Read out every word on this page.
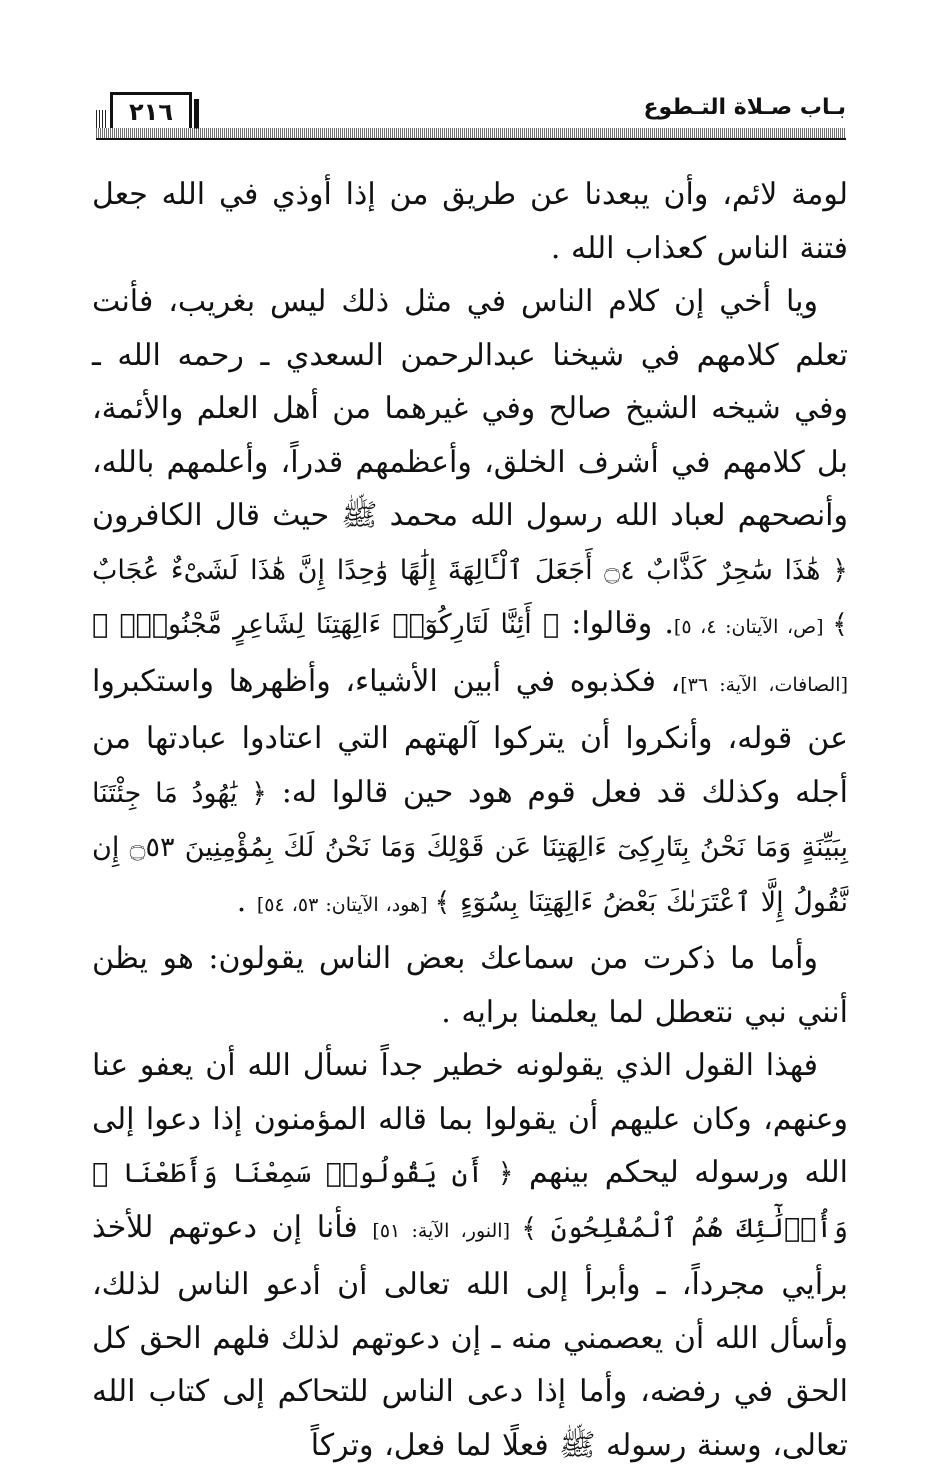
بـاب صـلاة التـطوع
٢١٦

لومة لائم، وأن يبعدنا عن طريق من إذا أوذي في الله جعل فتنة الناس كعذاب الله .

ويا أخي إن كلام الناس في مثل ذلك ليس بغريب، فأنت تعلم كلامهم في شيخنا عبدالرحمن السعدي ـ رحمه الله ـ وفي شيخه الشيخ صالح وفي غيرهما من أهل العلم والأئمة، بل كلامهم في أشرف الخلق، وأعظمهم قدراً، وأعلمهم بالله، وأنصحهم لعباد الله رسول الله محمد ﷺ حيث قال الكافرون ﴿ هَٰذَا سَٰحِرٌ كَذَّابٌ ۝٤ أَجَعَلَ ٱلْـَٔالِهَةَ إِلَٰهًا وَٰحِدًا إِنَّ هَٰذَا لَشَىْءٌ عُجَابٌ ﴾ [ص، الآيتان: ٤، ٥]. وقالوا: ﴿ أَئِنَّا لَتَارِكُوٓا۟ ءَالِهَتِنَا لِشَاعِرٍ مَّجْنُونٍۭ ﴾ [الصافات، الآية: ٣٦]، فكذبوه في أبين الأشياء، وأظهرها واستكبروا عن قوله، وأنكروا أن يتركوا آلهتهم التي اعتادوا عبادتها من أجله وكذلك قد فعل قوم هود حين قالوا له: ﴿ يَٰهُودُ مَا جِئْتَنَا بِبَيِّنَةٍ وَمَا نَحْنُ بِتَارِكِىٓ ءَالِهَتِنَا عَن قَوْلِكَ وَمَا نَحْنُ لَكَ بِمُؤْمِنِينَ ۝٥٣ إِن نَّقُولُ إِلَّا ٱعْتَرَىٰكَ بَعْضُ ءَالِهَتِنَا بِسُوٓءٍ ﴾ [هود، الآيتان: ٥٣، ٥٤] .

وأما ما ذكرت من سماعك بعض الناس يقولون: هو يظن أنني نبي نتعطل لما يعلمنا برايه .

فهذا القول الذي يقولونه خطير جداً نسأل الله أن يعفو عنا وعنهم، وكان عليهم أن يقولوا بما قاله المؤمنون إذا دعوا إلى الله ورسوله ليحكم بينهم ﴿ أَن يَقُولُوا۟ سَمِعْنَا وَأَطَعْنَا ۚ وَأُو۟لَٰٓئِكَ هُمُ ٱلْمُفْلِحُونَ ﴾ [النور، الآية: ٥١] فأنا إن دعوتهم للأخذ برأيي مجرداً، ـ وأبرأ إلى الله تعالى أن أدعو الناس لذلك، وأسأل الله أن يعصمني منه ـ إن دعوتهم لذلك فلهم الحق كل الحق في رفضه، وأما إذا دعى الناس للتحاكم إلى كتاب الله تعالى، وسنة رسوله ﷺ فعلًا لما فعل، وتركاً
